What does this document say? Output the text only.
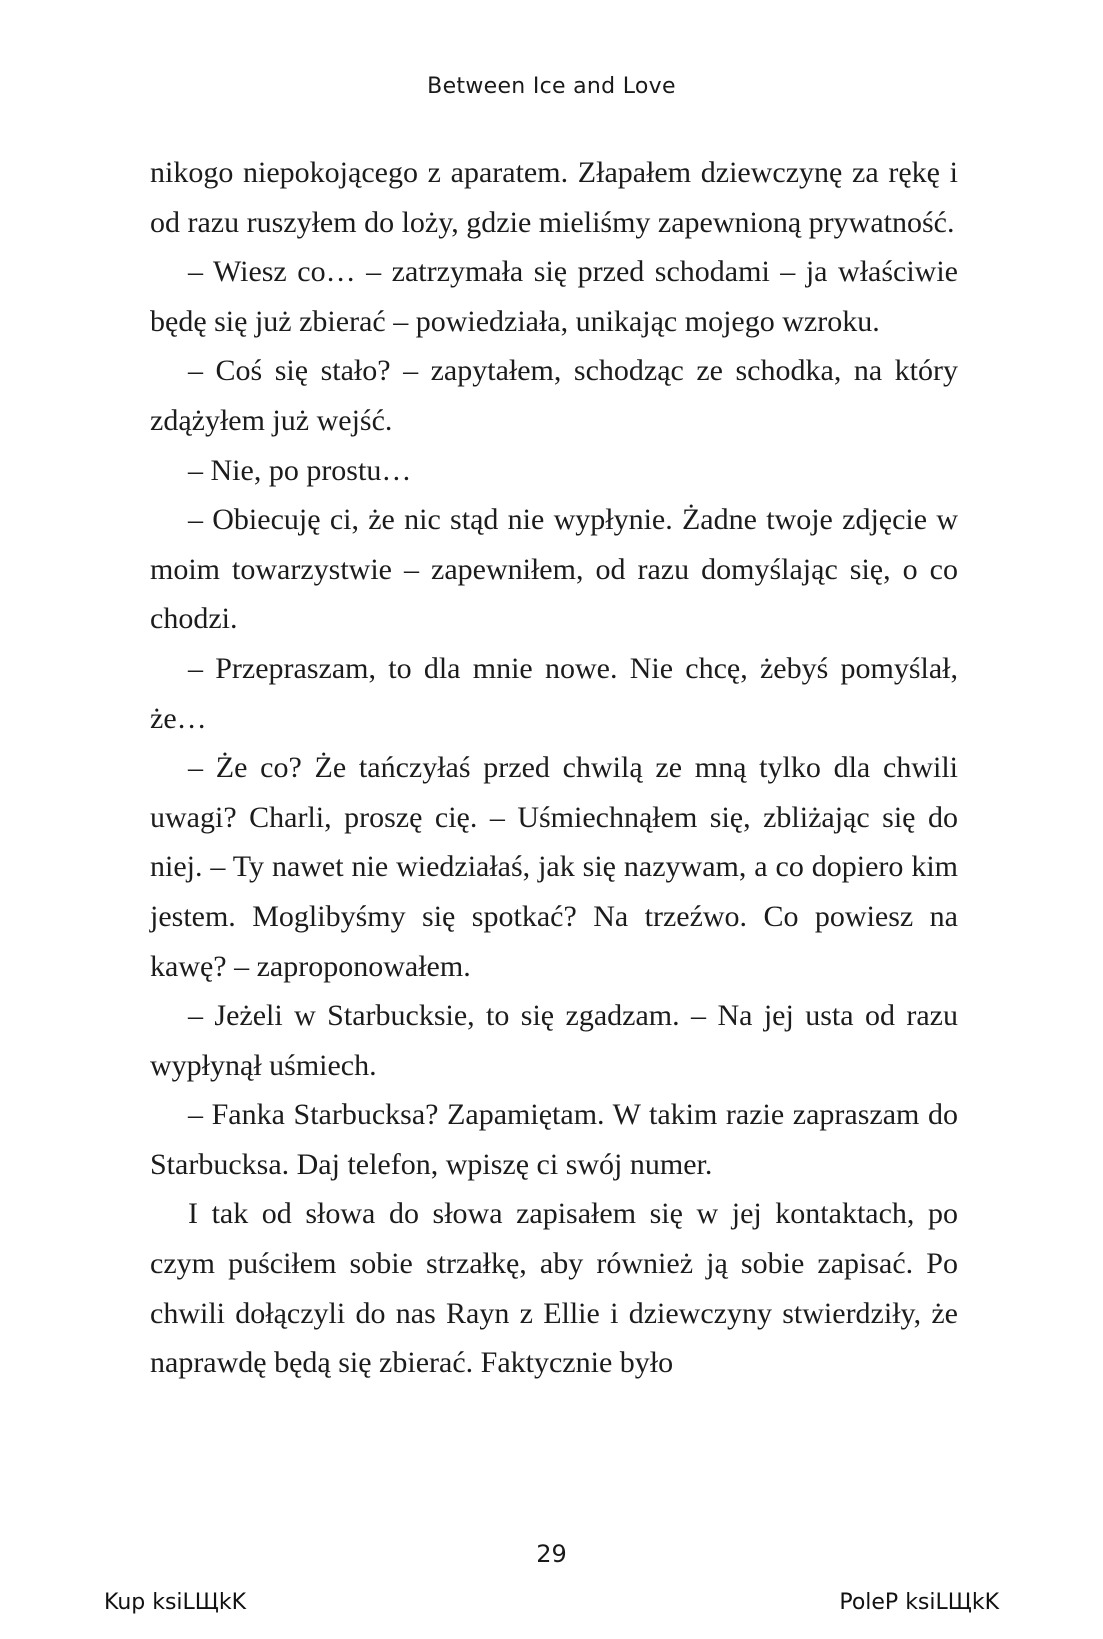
Between Ice and Love

nikogo niepokojącego z aparatem. Złapałem dziewczynę za rękę i od razu ruszyłem do loży, gdzie mieliśmy zapewnioną prywatność.

– Wiesz co… – zatrzymała się przed schodami – ja właściwie będę się już zbierać – powiedziała, unikając mojego wzroku.

– Coś się stało? – zapytałem, schodząc ze schodka, na który zdążyłem już wejść.

– Nie, po prostu…

– Obiecuję ci, że nic stąd nie wypłynie. Żadne twoje zdjęcie w moim towarzystwie – zapewniłem, od razu domyślając się, o co chodzi.

– Przepraszam, to dla mnie nowe. Nie chcę, żebyś pomyślał, że…

– Że co? Że tańczyłaś przed chwilą ze mną tylko dla chwili uwagi? Charli, proszę cię. – Uśmiechnąłem się, zbliżając się do niej. – Ty nawet nie wiedziałaś, jak się nazywam, a co dopiero kim jestem. Moglibyśmy się spotkać? Na trzeźwo. Co powiesz na kawę? – zaproponowałem.

– Jeżeli w Starbucksie, to się zgadzam. – Na jej usta od razu wypłynął uśmiech.

– Fanka Starbucksa? Zapamiętam. W takim razie zapraszam do Starbucksa. Daj telefon, wpiszę ci swój numer.

I tak od słowa do słowa zapisałem się w jej kontaktach, po czym puściłem sobie strzałkę, aby również ją sobie zapisać. Po chwili dołączyli do nas Rayn z Ellie i dziewczyny stwierdziły, że naprawdę będą się zbierać. Faktycznie było

29
Kup ksiLЩkK	PoleP ksiLЩkK
